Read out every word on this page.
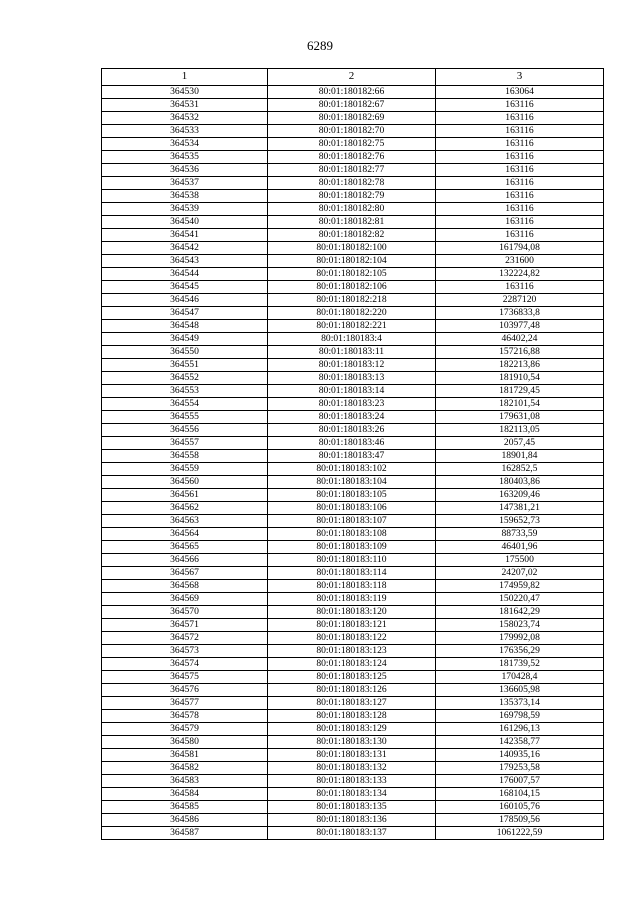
6289
1	2	3
364530	80:01:180182:66	163064
364531	80:01:180182:67	163116
364532	80:01:180182:69	163116
364533	80:01:180182:70	163116
364534	80:01:180182:75	163116
364535	80:01:180182:76	163116
364536	80:01:180182:77	163116
364537	80:01:180182:78	163116
364538	80:01:180182:79	163116
364539	80:01:180182:80	163116
364540	80:01:180182:81	163116
364541	80:01:180182:82	163116
364542	80:01:180182:100	161794,08
364543	80:01:180182:104	231600
364544	80:01:180182:105	132224,82
364545	80:01:180182:106	163116
364546	80:01:180182:218	2287120
364547	80:01:180182:220	1736833,8
364548	80:01:180182:221	103977,48
364549	80:01:180183:4	46402,24
364550	80:01:180183:11	157216,88
364551	80:01:180183:12	182213,86
364552	80:01:180183:13	181910,54
364553	80:01:180183:14	181729,45
364554	80:01:180183:23	182101,54
364555	80:01:180183:24	179631,08
364556	80:01:180183:26	182113,05
364557	80:01:180183:46	2057,45
364558	80:01:180183:47	18901,84
364559	80:01:180183:102	162852,5
364560	80:01:180183:104	180403,86
364561	80:01:180183:105	163209,46
364562	80:01:180183:106	147381,21
364563	80:01:180183:107	159652,73
364564	80:01:180183:108	88733,59
364565	80:01:180183:109	46401,96
364566	80:01:180183:110	175500
364567	80:01:180183:114	24207,02
364568	80:01:180183:118	174959,82
364569	80:01:180183:119	150220,47
364570	80:01:180183:120	181642,29
364571	80:01:180183:121	158023,74
364572	80:01:180183:122	179992,08
364573	80:01:180183:123	176356,29
364574	80:01:180183:124	181739,52
364575	80:01:180183:125	170428,4
364576	80:01:180183:126	136605,98
364577	80:01:180183:127	135373,14
364578	80:01:180183:128	169798,59
364579	80:01:180183:129	161296,13
364580	80:01:180183:130	142358,77
364581	80:01:180183:131	140935,16
364582	80:01:180183:132	179253,58
364583	80:01:180183:133	176007,57
364584	80:01:180183:134	168104,15
364585	80:01:180183:135	160105,76
364586	80:01:180183:136	178509,56
364587	80:01:180183:137	1061222,59
